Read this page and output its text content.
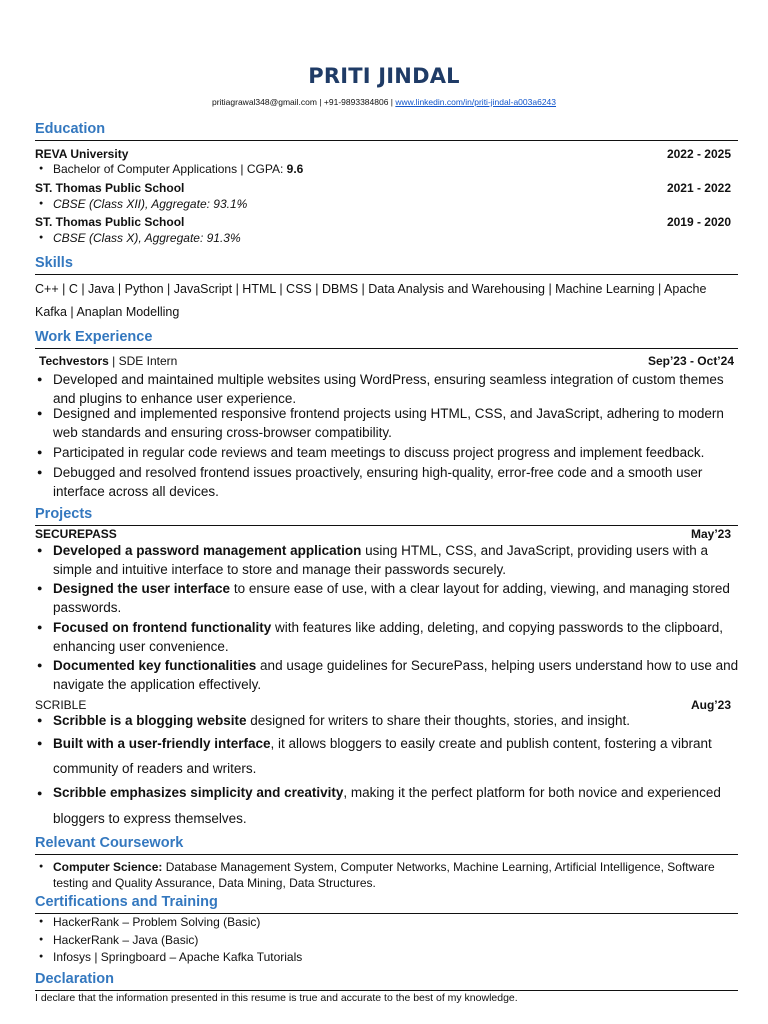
PRITI JINDAL
pritiagrawal348@gmail.com | +91-9893384806 | www.linkedin.com/in/priti-jindal-a003a6243
Education
REVA University	2022 - 2025
● Bachelor of Computer Applications | CGPA: 9.6
ST. Thomas Public School	2021 - 2022
● CBSE (Class XII), Aggregate: 93.1%
ST. Thomas Public School	2019 - 2020
● CBSE (Class X), Aggregate: 91.3%
Skills
C++ | C | Java | Python | JavaScript | HTML | CSS | DBMS | Data Analysis and Warehousing | Machine Learning | Apache Kafka | Anaplan Modelling
Work Experience
Techvestors | SDE Intern	Sep’23 - Oct’24
● Developed and maintained multiple websites using WordPress, ensuring seamless integration of custom themes and plugins to enhance user experience.
● Designed and implemented responsive frontend projects using HTML, CSS, and JavaScript, adhering to modern web standards and ensuring cross-browser compatibility.
● Participated in regular code reviews and team meetings to discuss project progress and implement feedback.
● Debugged and resolved frontend issues proactively, ensuring high-quality, error-free code and a smooth user interface across all devices.
Projects
SECUREPASS	May’23
● Developed a password management application using HTML, CSS, and JavaScript, providing users with a simple and intuitive interface to store and manage their passwords securely.
● Designed the user interface to ensure ease of use, with a clear layout for adding, viewing, and managing stored passwords.
● Focused on frontend functionality with features like adding, deleting, and copying passwords to the clipboard, enhancing user convenience.
● Documented key functionalities and usage guidelines for SecurePass, helping users understand how to use and navigate the application effectively.
SCRIBLE	Aug’23
● Scribble is a blogging website designed for writers to share their thoughts, stories, and insight.
● Built with a user-friendly interface, it allows bloggers to easily create and publish content, fostering a vibrant community of readers and writers.
● Scribble emphasizes simplicity and creativity, making it the perfect platform for both novice and experienced bloggers to express themselves.
Relevant Coursework
● Computer Science: Database Management System, Computer Networks, Machine Learning, Artificial Intelligence, Software testing and Quality Assurance, Data Mining, Data Structures.
Certifications and Training
● HackerRank – Problem Solving (Basic)
● HackerRank – Java (Basic)
● Infosys | Springboard – Apache Kafka Tutorials
Declaration
I declare that the information presented in this resume is true and accurate to the best of my knowledge.
